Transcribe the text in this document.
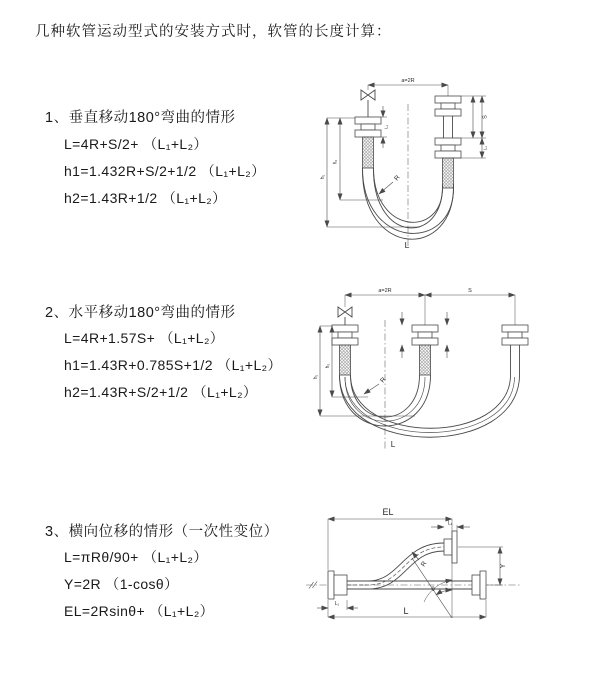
几种软管运动型式的安装方式时，软管的长度计算：
1、垂直移动180°弯曲的情形
L=4R+S/2+ （L₁+L₂）
h1=1.432R+S/2+1/2 （L₁+L₂）
h2=1.43R+1/2 （L₁+L₂）
2、水平移动180°弯曲的情形
L=4R+1.57S+ （L₁+L₂）
h1=1.43R+0.785S+1/2 （L₁+L₂）
h2=1.43R+S/2+1/2 （L₁+L₂）
3、横向位移的情形（一次性变位）
L=πRθ/90+ （L₁+L₂）
Y=2R （1-cosθ）
EL=2Rsinθ+ （L₁+L₂）
a=2R
S
L₁
L₁
h₁
h₂
R
L
a=2R	S
h₁
h₂
R
L
EL
L₁
Y
L
L₁
θ
R
